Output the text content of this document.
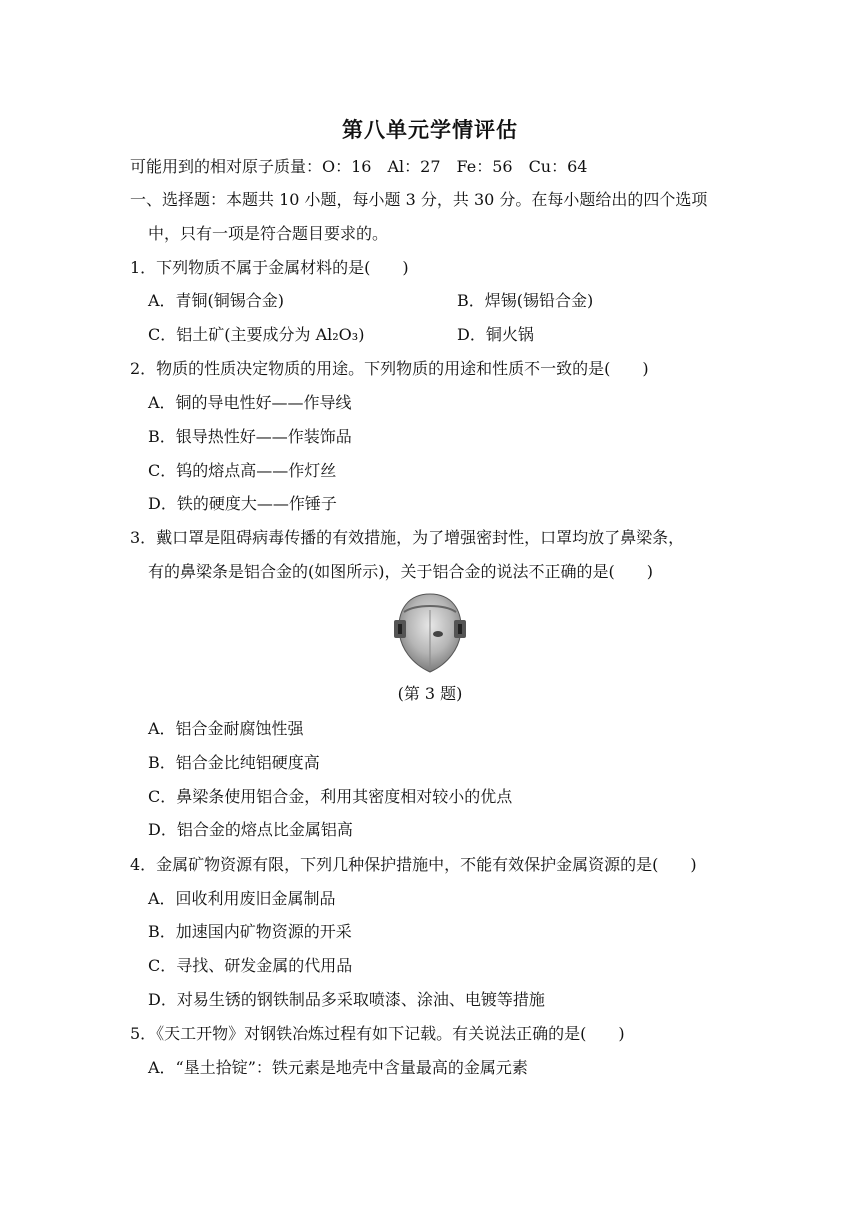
第八单元学情评估
可能用到的相对原子质量：O：16　Al：27　Fe：56　Cu：64
一、选择题：本题共 10 小题，每小题 3 分，共 30 分。在每小题给出的四个选项
中，只有一项是符合题目要求的。
1．下列物质不属于金属材料的是(　　)
A．青铜(铜锡合金)	B．焊锡(锡铅合金)
C．铝土矿(主要成分为 Al₂O₃)	D．铜火锅
2．物质的性质决定物质的用途。下列物质的用途和性质不一致的是(　　)
A．铜的导电性好——作导线
B．银导热性好——作装饰品
C．钨的熔点高——作灯丝
D．铁的硬度大——作锤子
3．戴口罩是阻碍病毒传播的有效措施，为了增强密封性，口罩均放了鼻梁条，
有的鼻梁条是铝合金的(如图所示)，关于铝合金的说法不正确的是(　　)
(第 3 题)
A．铝合金耐腐蚀性强
B．铝合金比纯铝硬度高
C．鼻梁条使用铝合金，利用其密度相对较小的优点
D．铝合金的熔点比金属铝高
4．金属矿物资源有限，下列几种保护措施中，不能有效保护金属资源的是(　　)
A．回收利用废旧金属制品
B．加速国内矿物资源的开采
C．寻找、研发金属的代用品
D．对易生锈的钢铁制品多采取喷漆、涂油、电镀等措施
5．《天工开物》对钢铁冶炼过程有如下记载。有关说法正确的是(　　)
A．“垦土拾锭”：铁元素是地壳中含量最高的金属元素
